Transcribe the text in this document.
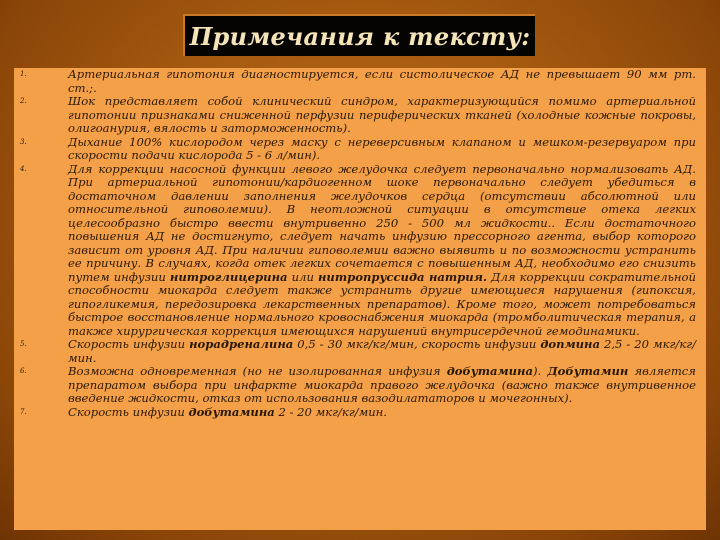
Примечания к тексту:
1.	Артериальная гипотония диагностируется, если систолическое АД не превышает 90 мм рт. ст.;.
2.	Шок представляет собой клинический синдром, характеризующийся помимо артериальной гипотонии признаками сниженной перфузии периферических тканей (холодные кожные покровы, олигоанурия, вялость и заторможенность).
3.	Дыхание 100% кислородом через маску с нереверсивным клапаном и мешком-резервуаром при скорости подачи кислорода 5 - 6 л/мин).
4.	Для коррекции насосной функции левого желудочка следует первоначально нормализовать АД. При артериальной гипотонии/кардиогенном шоке первоначально следует убедиться в достаточном давлении заполнения желудочков сердца (отсутствии абсолютной или относительной гиповолемии). В неотложной ситуации в отсутствие отека легких целесообразно быстро ввести внутривенно 250 - 500 мл жидкости.. Если достаточного повышения АД не достигнуто, следует начать инфузию прессорного агента, выбор которого зависит от уровня АД. При наличии гиповолемии важно выявить и по возможности устранить ее причину. В случаях, когда отек легких сочетается с повышенным АД, необходимо его снизить путем инфузии нитроглицерина или нитропруссида натрия. Для коррекции сократительной способности миокарда следует также устранить другие имеющиеся нарушения (гипоксия, гипогликемия, передозировка лекарственных препаратов). Кроме того, может потребоваться быстрое восстановление нормального кровоснабжения миокарда (тромболитическая терапия, а также хирургическая коррекция имеющихся нарушений внутрисердечной гемодинамики.
5.	Скорость инфузии норадреналина 0,5 - 30 мкг/кг/мин, скорость инфузии допмина 2,5 - 20 мкг/кг/мин.
6.	Возможна одновременная (но не изолированная инфузия добутамина). Добутамин является препаратом выбора при инфаркте миокарда правого желудочка (важно также внутривенное введение жидкости, отказ от использования вазодилататоров и мочегонных).
7.	Скорость инфузии добутамина 2 - 20 мкг/кг/мин.
